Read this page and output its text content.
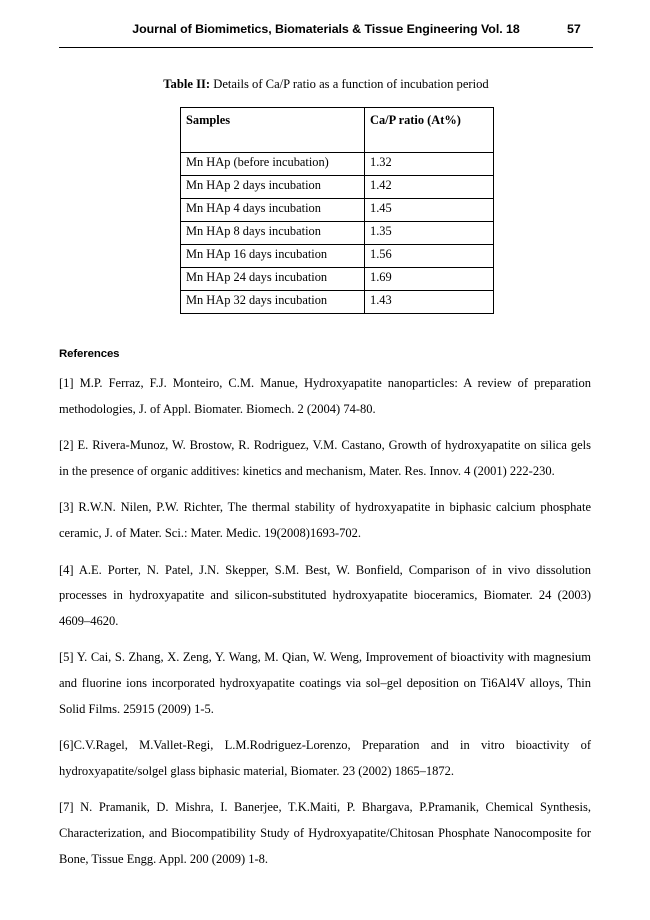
Journal of Biomimetics, Biomaterials & Tissue Engineering Vol. 18	57
Table II: Details of Ca/P ratio as a function of incubation period
Samples	Ca/P ratio (At%)
Mn HAp (before incubation)	1.32
Mn HAp 2 days incubation	1.42
Mn HAp 4 days incubation	1.45
Mn HAp 8 days incubation	1.35
Mn HAp 16 days incubation	1.56
Mn HAp 24 days incubation	1.69
Mn HAp 32 days incubation	1.43
References

[1] M.P. Ferraz, F.J. Monteiro, C.M. Manue, Hydroxyapatite nanoparticles: A review of preparation methodologies, J. of Appl. Biomater. Biomech. 2 (2004) 74-80.

[2] E. Rivera-Munoz, W. Brostow, R. Rodriguez, V.M. Castano, Growth of hydroxyapatite on silica gels in the presence of organic additives: kinetics and mechanism, Mater. Res. Innov. 4 (2001) 222-230.

[3] R.W.N. Nilen, P.W. Richter, The thermal stability of hydroxyapatite in biphasic calcium phosphate ceramic, J. of Mater. Sci.: Mater. Medic. 19(2008)1693-702.

[4] A.E. Porter, N. Patel, J.N. Skepper, S.M. Best, W. Bonfield, Comparison of in vivo dissolution processes in hydroxyapatite and silicon-substituted hydroxyapatite bioceramics, Biomater. 24 (2003) 4609–4620.

[5] Y. Cai, S. Zhang, X. Zeng, Y. Wang, M. Qian, W. Weng, Improvement of bioactivity with magnesium and fluorine ions incorporated hydroxyapatite coatings via sol–gel deposition on Ti6Al4V alloys, Thin Solid Films. 25915 (2009) 1-5.

[6]C.V.Ragel, M.Vallet-Regi, L.M.Rodriguez-Lorenzo, Preparation and in vitro bioactivity of hydroxyapatite/solgel glass biphasic material, Biomater. 23 (2002) 1865–1872.

[7] N. Pramanik, D. Mishra, I. Banerjee, T.K.Maiti, P. Bhargava, P.Pramanik, Chemical Synthesis, Characterization, and Biocompatibility Study of Hydroxyapatite/Chitosan Phosphate Nanocomposite for Bone, Tissue Engg. Appl. 200 (2009) 1-8.
